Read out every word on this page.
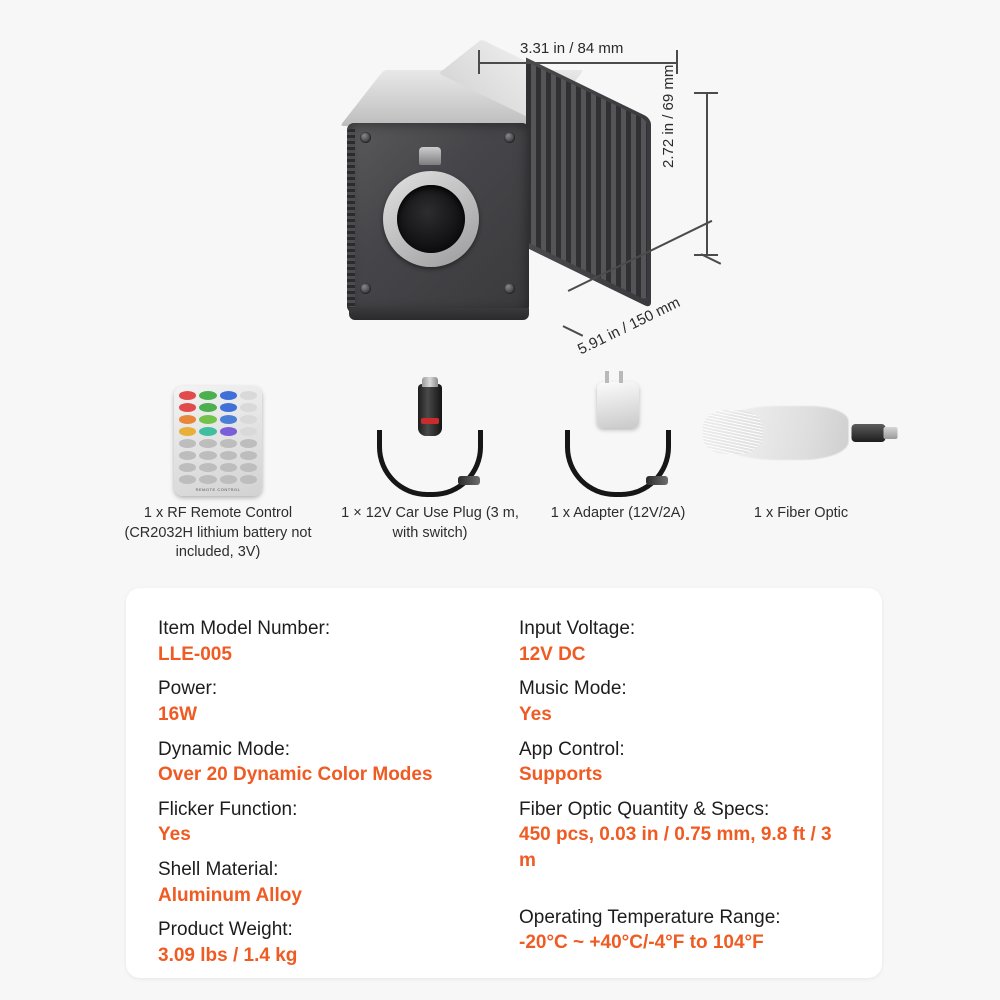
3.31 in / 84 mm
2.72 in / 69 mm
5.91 in / 150 mm
REMOTE CONTROL
1 x RF Remote Control (CR2032H lithium battery not included, 3V)
1 × 12V Car Use Plug (3 m, with switch)
1 x Adapter (12V/2A)	1 x Fiber Optic
Item Model Number:
LLE-005
Power:
16W
Dynamic Mode:
Over 20 Dynamic Color Modes
Flicker Function:
Yes
Shell Material:
Aluminum Alloy
Product Weight:
3.09 lbs / 1.4 kg
Input Voltage:
12V DC
Music Mode:
Yes
App Control:
Supports
Fiber Optic Quantity & Specs:
450 pcs, 0.03 in / 0.75 mm, 9.8 ft / 3 m
Operating Temperature Range:
-20°C ~ +40°C/-4°F to 104°F
